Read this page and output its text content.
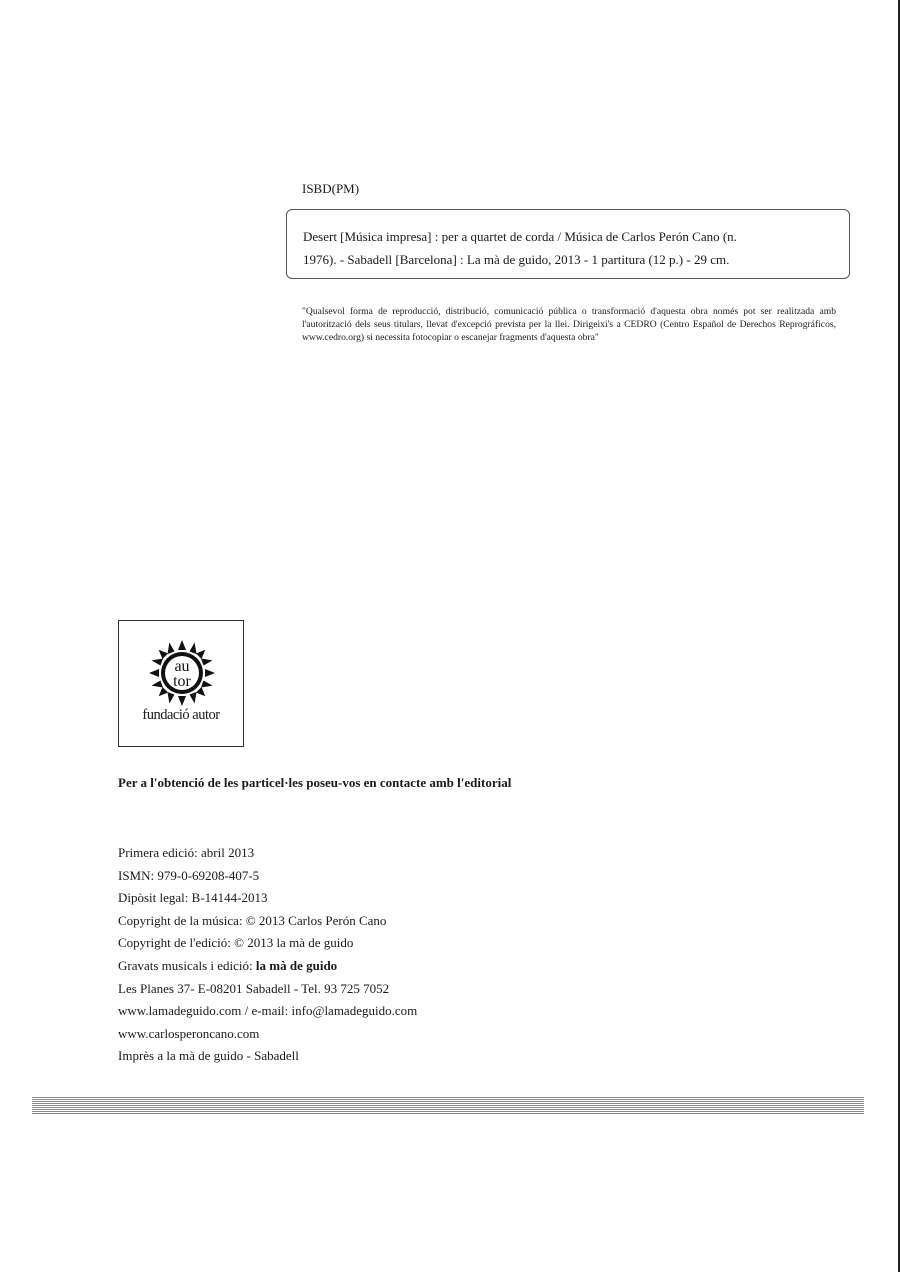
ISBD(PM)

Desert [Música impresa] : per a quartet de corda / Música de Carlos Perón Cano (n.

1976). - Sabadell [Barcelona] : La mà de guido, 2013 - 1 partitura (12 p.) - 29 cm.

"Qualsevol forma de reproducció, distribució, comunicació pública o transformació d'aquesta obra només pot ser realitzada amb l'autorització dels seus titulars, llevat d'excepció prevista per la llei. Dirigeixi's a CEDRO (Centro Español de Derechos Reprográficos, www.cedro.org) si necessita fotocopiar o escanejar fragments d'aquesta obra"
au
tor
fundació autor
Per a l'obtenció de les particel·les poseu-vos en contacte amb l'editorial
Primera edició: abril 2013
ISMN: 979-0-69208-407-5
Dipòsit legal: B-14144-2013
Copyright de la música: © 2013 Carlos Perón Cano
Copyright de l'edició: © 2013 la mà de guido
Gravats musicals i edició: la mà de guido
Les Planes 37- E-08201 Sabadell - Tel. 93 725 7052
www.lamadeguido.com / e-mail: info@lamadeguido.com
www.carlosperoncano.com
Imprès a la mà de guido - Sabadell
